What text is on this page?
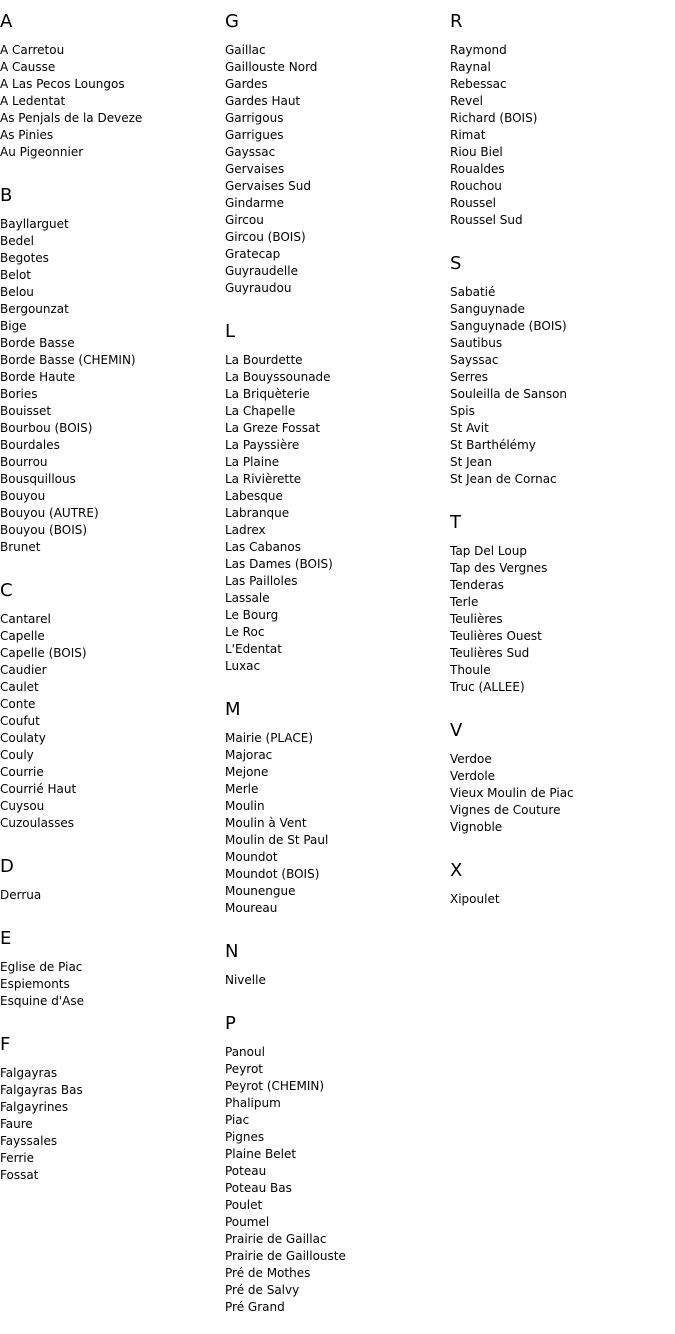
A
A Carretou
A Causse
A Las Pecos Loungos
A Ledentat
As Penjals de la Deveze
As Pinies
Au Pigeonnier
B
Bayllarguet
Bedel
Begotes
Belot
Belou
Bergounzat
Bige
Borde Basse
Borde Basse (CHEMIN)
Borde Haute
Bories
Bouisset
Bourbou (BOIS)
Bourdales
Bourrou
Bousquillous
Bouyou
Bouyou (AUTRE)
Bouyou (BOIS)
Brunet
C
Cantarel
Capelle
Capelle (BOIS)
Caudier
Caulet
Conte
Coufut
Coulaty
Couly
Courrie
Courrié Haut
Cuysou
Cuzoulasses
D
Derrua
E
Eglise de Piac
Espiemonts
Esquine d'Ase
F
Falgayras
Falgayras Bas
Falgayrines
Faure
Fayssales
Ferrie
Fossat
G
Gaillac
Gaillouste Nord
Gardes
Gardes Haut
Garrigous
Garrigues
Gayssac
Gervaises
Gervaises Sud
Gindarme
Gircou
Gircou (BOIS)
Gratecap
Guyraudelle
Guyraudou
L
La Bourdette
La Bouyssounade
La Briquèterie
La Chapelle
La Greze Fossat
La Payssière
La Plaine
La Rivièrette
Labesque
Labranque
Ladrex
Las Cabanos
Las Dames (BOIS)
Las Pailloles
Lassale
Le Bourg
Le Roc
L'Edentat
Luxac
M
Mairie (PLACE)
Majorac
Mejone
Merle
Moulin
Moulin à Vent
Moulin de St Paul
Moundot
Moundot (BOIS)
Mounengue
Moureau
N
Nivelle
P
Panoul
Peyrot
Peyrot (CHEMIN)
Phalipum
Piac
Pignes
Plaine Belet
Poteau
Poteau Bas
Poulet
Poumel
Prairie de Gaillac
Prairie de Gaillouste
Pré de Mothes
Pré de Salvy
Pré Grand
R
Raymond
Raynal
Rebessac
Revel
Richard (BOIS)
Rimat
Riou Biel
Roualdes
Rouchou
Roussel
Roussel Sud
S
Sabatié
Sanguynade
Sanguynade (BOIS)
Sautibus
Sayssac
Serres
Souleilla de Sanson
Spis
St Avit
St Barthélémy
St Jean
St Jean de Cornac
T
Tap Del Loup
Tap des Vergnes
Tenderas
Terle
Teulières
Teulières Ouest
Teulières Sud
Thoule
Truc (ALLEE)
V
Verdoe
Verdole
Vieux Moulin de Piac
Vignes de Couture
Vignoble
X
Xipoulet
